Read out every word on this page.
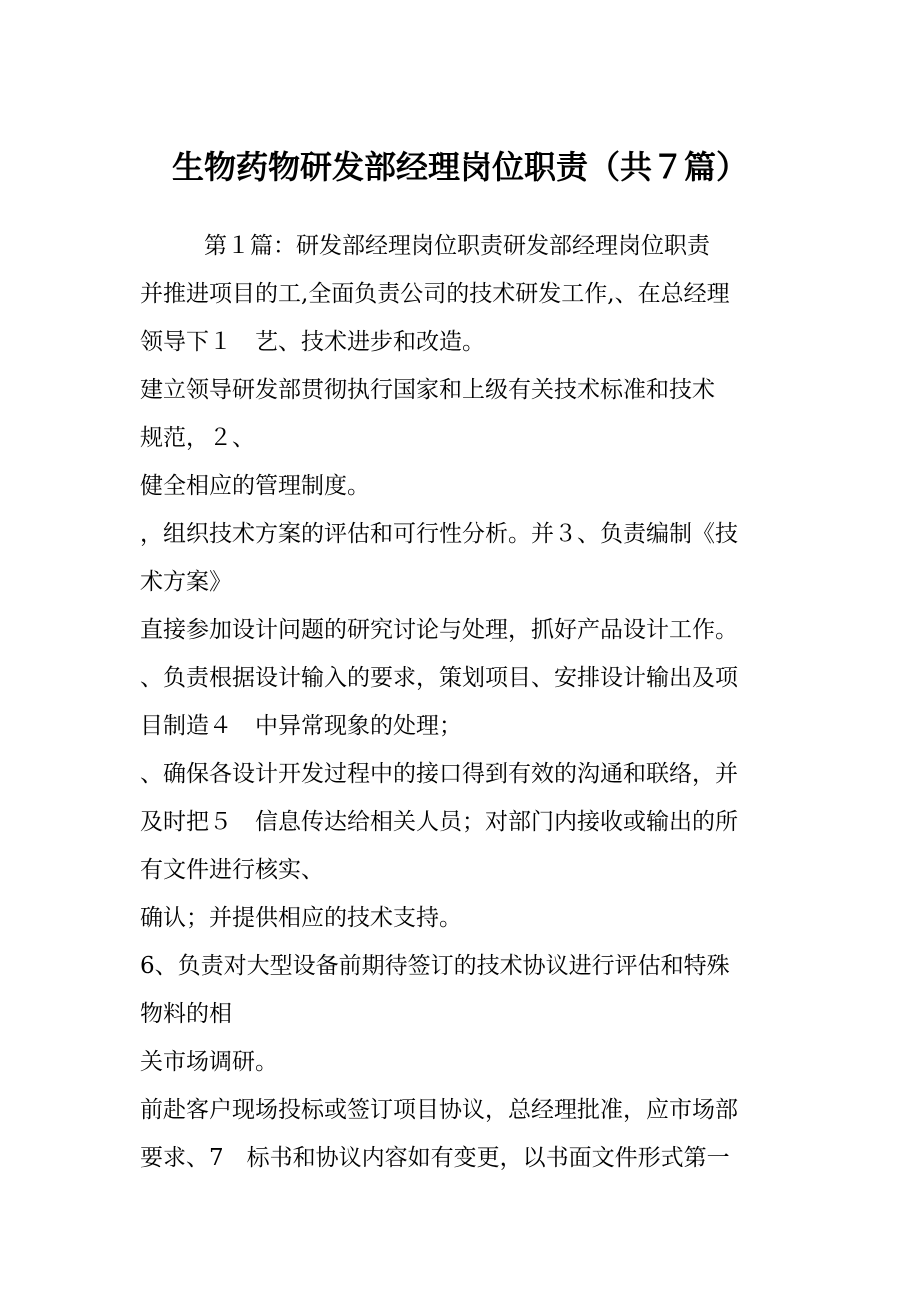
生物药物研发部经理岗位职责（共７篇）

第１篇：研发部经理岗位职责研发部经理岗位职责

并推进项目的工,全面负责公司的技术研发工作,、在总经理

领导下１　艺、技术进步和改造。

建立领导研发部贯彻执行国家和上级有关技术标准和技术

规范，２、

健全相应的管理制度。

，组织技术方案的评估和可行性分析。并３、负责编制《技

术方案》

直接参加设计问题的研究讨论与处理，抓好产品设计工作。

、负责根据设计输入的要求，策划项目、安排设计输出及项

目制造４　中异常现象的处理；

、确保各设计开发过程中的接口得到有效的沟通和联络，并

及时把５　信息传达给相关人员；对部门内接收或输出的所

有文件进行核实、

确认；并提供相应的技术支持。

6、负责对大型设备前期待签订的技术协议进行评估和特殊

物料的相

关市场调研。

前赴客户现场投标或签订项目协议，总经理批准，应市场部

要求、7　标书和协议内容如有变更，以书面文件形式第一
